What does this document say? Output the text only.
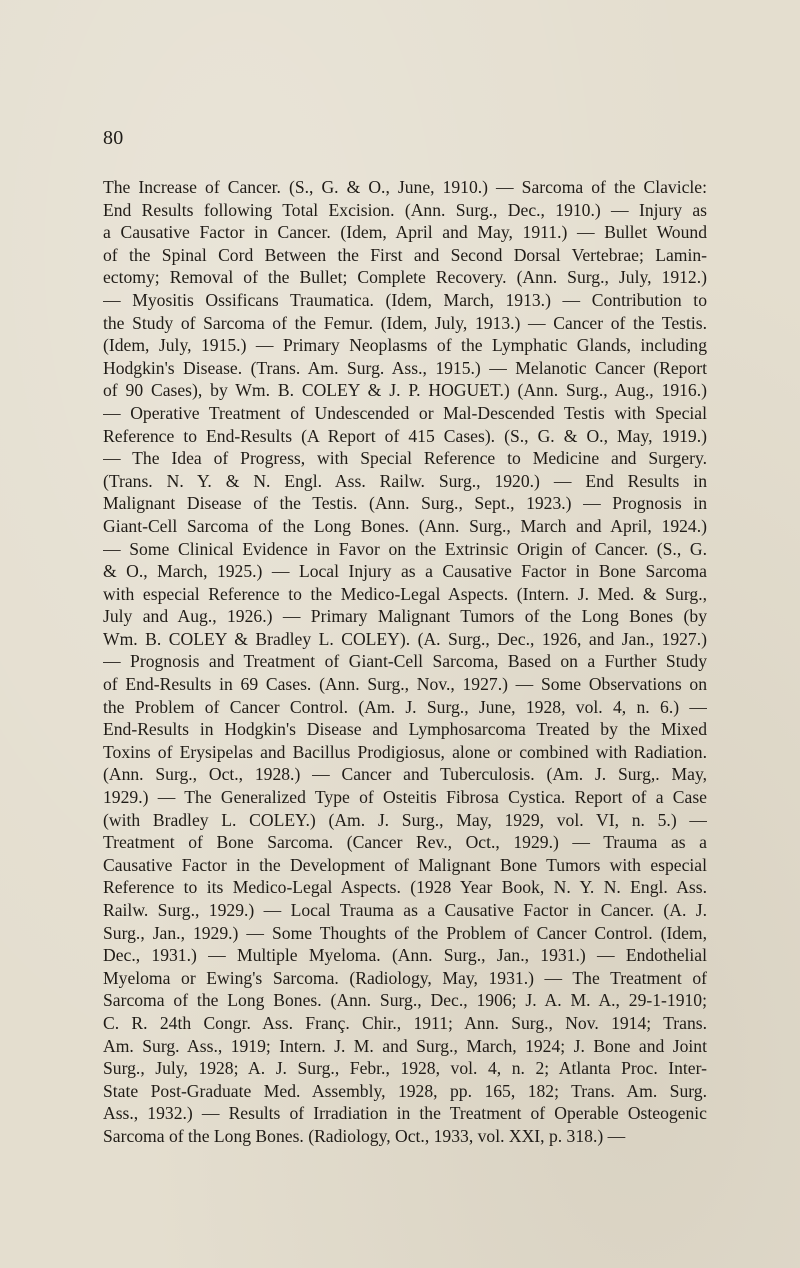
80
The Increase of Cancer. (S., G. & O., June, 1910.) — Sarcoma of the Clavicle:
End Results following Total Excision. (Ann. Surg., Dec., 1910.) — Injury as
a Causative Factor in Cancer. (Idem, April and May, 1911.) — Bullet Wound
of the Spinal Cord Between the First and Second Dorsal Vertebrae; Lamin-
ectomy; Removal of the Bullet; Complete Recovery. (Ann. Surg., July, 1912.)
— Myositis Ossificans Traumatica. (Idem, March, 1913.) — Contribution to
the Study of Sarcoma of the Femur. (Idem, July, 1913.) — Cancer of the Testis.
(Idem, July, 1915.) — Primary Neoplasms of the Lymphatic Glands, including
Hodgkin's Disease. (Trans. Am. Surg. Ass., 1915.) — Melanotic Cancer (Report
of 90 Cases), by Wm. B. COLEY & J. P. HOGUET.) (Ann. Surg., Aug., 1916.)
— Operative Treatment of Undescended or Mal-Descended Testis with Special
Reference to End-Results (A Report of 415 Cases). (S., G. & O., May, 1919.)
— The Idea of Progress, with Special Reference to Medicine and Surgery.
(Trans. N. Y. & N. Engl. Ass. Railw. Surg., 1920.) — End Results in
Malignant Disease of the Testis. (Ann. Surg., Sept., 1923.) — Prognosis in
Giant-Cell Sarcoma of the Long Bones. (Ann. Surg., March and April, 1924.)
— Some Clinical Evidence in Favor on the Extrinsic Origin of Cancer. (S., G.
& O., March, 1925.) — Local Injury as a Causative Factor in Bone Sarcoma
with especial Reference to the Medico-Legal Aspects. (Intern. J. Med. & Surg.,
July and Aug., 1926.) — Primary Malignant Tumors of the Long Bones (by
Wm. B. COLEY & Bradley L. COLEY). (A. Surg., Dec., 1926, and Jan., 1927.)
— Prognosis and Treatment of Giant-Cell Sarcoma, Based on a Further Study
of End-Results in 69 Cases. (Ann. Surg., Nov., 1927.) — Some Observations on
the Problem of Cancer Control. (Am. J. Surg., June, 1928, vol. 4, n. 6.) —
End-Results in Hodgkin's Disease and Lymphosarcoma Treated by the Mixed
Toxins of Erysipelas and Bacillus Prodigiosus, alone or combined with Radiation.
(Ann. Surg., Oct., 1928.) — Cancer and Tuberculosis. (Am. J. Surg,. May,
1929.) — The Generalized Type of Osteitis Fibrosa Cystica. Report of a Case
(with Bradley L. COLEY.) (Am. J. Surg., May, 1929, vol. VI, n. 5.) —
Treatment of Bone Sarcoma. (Cancer Rev., Oct., 1929.) — Trauma as a
Causative Factor in the Development of Malignant Bone Tumors with especial
Reference to its Medico-Legal Aspects. (1928 Year Book, N. Y. N. Engl. Ass.
Railw. Surg., 1929.) — Local Trauma as a Causative Factor in Cancer. (A. J.
Surg., Jan., 1929.) — Some Thoughts of the Problem of Cancer Control. (Idem,
Dec., 1931.) — Multiple Myeloma. (Ann. Surg., Jan., 1931.) — Endothelial
Myeloma or Ewing's Sarcoma. (Radiology, May, 1931.) — The Treatment of
Sarcoma of the Long Bones. (Ann. Surg., Dec., 1906; J. A. M. A., 29-1-1910;
C. R. 24th Congr. Ass. Franç. Chir., 1911; Ann. Surg., Nov. 1914; Trans.
Am. Surg. Ass., 1919; Intern. J. M. and Surg., March, 1924; J. Bone and Joint
Surg., July, 1928; A. J. Surg., Febr., 1928, vol. 4, n. 2; Atlanta Proc. Inter-
State Post-Graduate Med. Assembly, 1928, pp. 165, 182; Trans. Am. Surg.
Ass., 1932.) — Results of Irradiation in the Treatment of Operable Osteogenic
Sarcoma of the Long Bones. (Radiology, Oct., 1933, vol. XXI, p. 318.) —
